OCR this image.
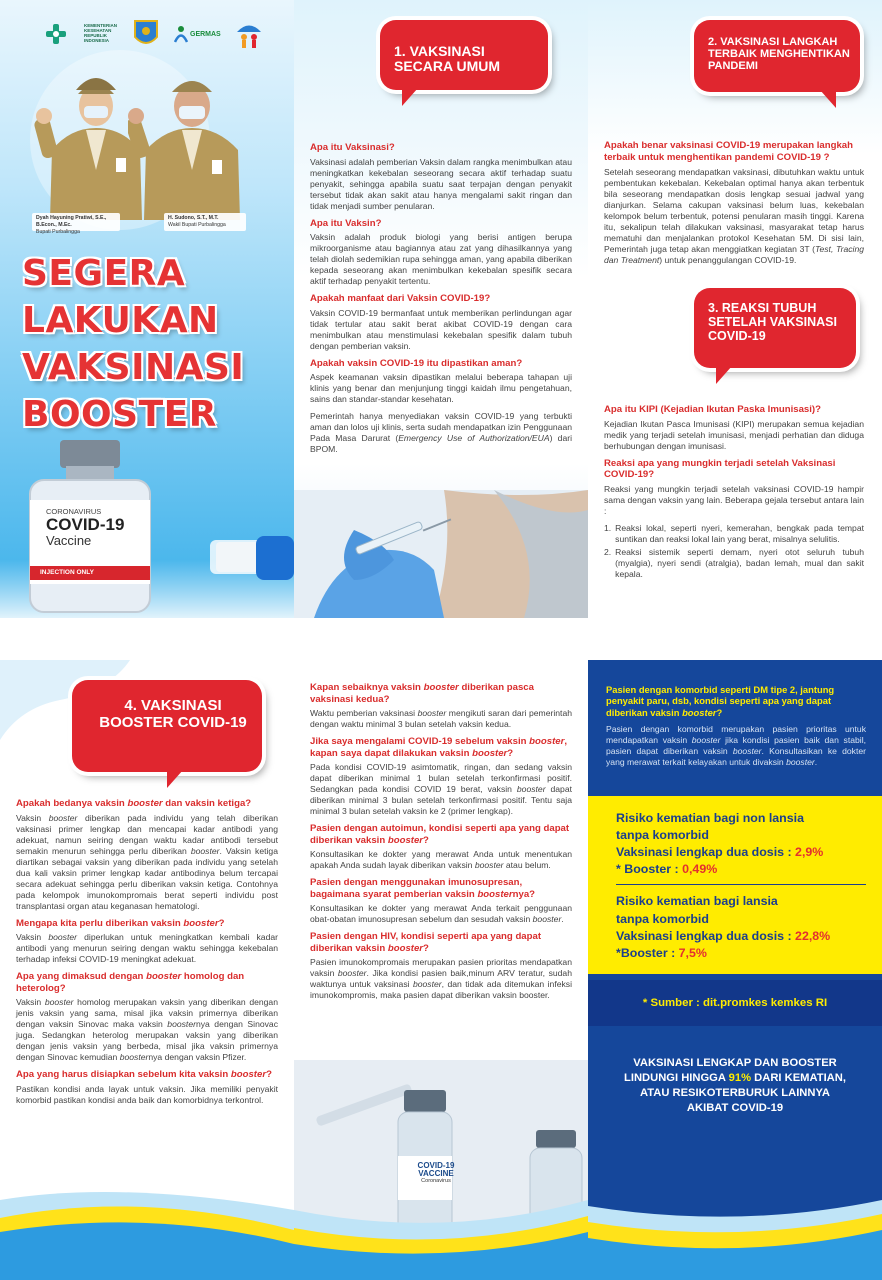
KEMENTERIAN KESEHATAN REPUBLIK INDONESIA
GERMAS
Dyah Hayuning Pratiwi, S.E., B.Econ., M.Ec.
Bupati Purbalingga
H. Sudono, S.T., M.T.
Wakil Bupati Purbalingga
SEGERA
LAKUKAN
VAKSINASI
BOOSTER
CORONAVIRUS
COVID-19
Vaccine
INJECTION ONLY
1. VAKSINASI SECARA UMUM
Apa itu Vaksinasi?
Vaksinasi adalah pemberian Vaksin dalam rangka menimbulkan atau meningkatkan kekebalan seseorang secara aktif terhadap suatu penyakit, sehingga apabila suatu saat terpajan dengan penyakit tersebut tidak akan sakit atau hanya mengalami sakit ringan dan tidak menjadi sumber penularan.
Apa itu Vaksin?
Vaksin adalah produk biologi yang berisi antigen berupa mikroorganisme atau bagiannya atau zat yang dihasilkannya yang telah diolah sedemikian rupa sehingga aman, yang apabila diberikan kepada seseorang akan menimbulkan kekebalan spesifik secara aktif terhadap penyakit tertentu.
Apakah manfaat dari Vaksin COVID-19?
Vaksin COVID-19 bermanfaat untuk memberikan perlindungan agar tidak tertular atau sakit berat akibat COVID-19 dengan cara menimbulkan atau menstimulasi kekebalan spesifik dalam tubuh dengan pemberian vaksin.
Apakah vaksin COVID-19 itu dipastikan aman?
Aspek keamanan vaksin dipastikan melalui beberapa tahapan uji klinis yang benar dan menjunjung tinggi kaidah ilmu pengetahuan, sains dan standar-standar kesehatan.
Pemerintah hanya menyediakan vaksin COVID-19 yang terbukti aman dan lolos uji klinis, serta sudah mendapatkan izin Penggunaan Pada Masa Darurat (Emergency Use of Authorization/EUA) dari BPOM.
2. VAKSINASI LANGKAH TERBAIK MENGHENTIKAN PANDEMI
Apakah benar vaksinasi COVID-19 merupakan langkah terbaik untuk menghentikan pandemi COVID-19 ?
Setelah seseorang mendapatkan vaksinasi, dibutuhkan waktu untuk pembentukan kekebalan. Kekebalan optimal hanya akan terbentuk bila seseorang mendapatkan dosis lengkap sesuai jadwal yang dianjurkan. Selama cakupan vaksinasi belum luas, kekebalan kelompok belum terbentuk, potensi penularan masih tinggi. Karena itu, sekalipun telah dilakukan vaksinasi, masyarakat tetap harus mematuhi dan menjalankan protokol Kesehatan 5M. Di sisi lain, Pemerintah juga tetap akan menggiatkan kegiatan 3T (Test, Tracing dan Treatment) untuk penanggulangan COVID-19.
3. REAKSI TUBUH SETELAH VAKSINASI COVID-19
Apa itu KIPI (Kejadian Ikutan Paska Imunisasi)?
Kejadian Ikutan Pasca Imunisasi (KIPI) merupakan semua kejadian medik yang terjadi setelah imunisasi, menjadi perhatian dan diduga berhubungan dengan imunisasi.
Reaksi apa yang mungkin terjadi setelah Vaksinasi COVID-19?
Reaksi yang mungkin terjadi setelah vaksinasi COVID-19 hampir sama dengan vaksin yang lain. Beberapa gejala tersebut antara lain :
1. Reaksi lokal, seperti nyeri, kemerahan, bengkak pada tempat suntikan dan reaksi lokal lain yang berat, misalnya selulitis.
2. Reaksi sistemik seperti demam, nyeri otot seluruh tubuh (myalgia), nyeri sendi (atralgia), badan lemah, mual dan sakit kepala.
4. VAKSINASI BOOSTER COVID-19
Apakah bedanya vaksin booster dan vaksin ketiga?
Vaksin booster diberikan pada individu yang telah diberikan vaksinasi primer lengkap dan mencapai kadar antibodi yang adekuat, namun seiring dengan waktu kadar antibodi tersebut semakin menurun sehingga perlu diberikan booster. Vaksin ketiga diartikan sebagai vaksin yang diberikan pada individu yang setelah dua kali vaksin primer lengkap kadar antibodinya belum tercapai secara adekuat sehingga perlu diberikan vaksin ketiga. Contohnya pada kelompok imunokompromais berat seperti individu post transplantasi organ atau keganasan hematologi.
Mengapa kita perlu diberikan vaksin booster?
Vaksin booster diperlukan untuk meningkatkan kembali kadar antibodi yang menurun seiring dengan waktu sehingga kekebalan terhadap infeksi COVID-19 meningkat adekuat.
Apa yang dimaksud dengan booster homolog dan heterolog?
Vaksin booster homolog merupakan vaksin yang diberikan dengan jenis vaksin yang sama, misal jika vaksin primernya diberikan dengan vaksin Sinovac maka vaksin boosternya dengan Sinovac juga. Sedangkan heterolog merupakan vaksin yang diberikan dengan jenis vaksin yang berbeda, misal jika vaksin primernya dengan Sinovac kemudian boosternya dengan vaksin Pfizer.
Apa yang harus disiapkan sebelum kita vaksin booster?
Pastikan kondisi anda layak untuk vaksin. Jika memiliki penyakit komorbid pastikan kondisi anda baik dan komorbidnya terkontrol.
Kapan sebaiknya vaksin booster diberikan pasca vaksinasi kedua?
Waktu pemberian vaksinasi booster mengikuti saran dari pemerintah dengan waktu minimal 3 bulan setelah vaksin kedua.
Jika saya mengalami COVID-19 sebelum vaksin booster, kapan saya dapat dilakukan vaksin booster?
Pada kondisi COVID-19 asimtomatik, ringan, dan sedang vaksin dapat diberikan minimal 1 bulan setelah terkonfirmasi positif. Sedangkan pada kondisi COVID 19 berat, vaksin booster dapat diberikan minimal 3 bulan setelah terkonfirmasi positif. Tentu saja minimal 3 bulan setelah vaksin ke 2 (primer lengkap).
Pasien dengan autoimun, kondisi seperti apa yang dapat diberikan vaksin booster?
Konsultasikan ke dokter yang merawat Anda untuk menentukan apakah Anda sudah layak diberikan vaksin booster atau belum.
Pasien dengan menggunakan imunosupresan, bagaimana syarat pemberian vaksin boosternya?
Konsultasikan ke dokter yang merawat Anda terkait penggunaan obat-obatan imunosupresan sebelum dan sesudah vaksin booster.
Pasien dengan HIV, kondisi seperti apa yang dapat diberikan vaksin booster?
Pasien imunokompromais merupakan pasien prioritas mendapatkan vaksin booster. Jika kondisi pasien baik,minum ARV teratur, sudah waktunya untuk vaksinasi booster, dan tidak ada ditemukan infeksi imunokompromis, maka pasien dapat diberikan vaksin booster.
COVID-19
VACCINE
Coronavirus
Pasien dengan komorbid seperti DM tipe 2, jantung penyakit paru, dsb, kondisi seperti apa yang dapat diberikan vaksin booster?
Pasien dengan komorbid merupakan pasien prioritas untuk mendapatkan vaksin booster jika kondisi pasien baik dan stabil, pasien dapat diberikan vaksin booster. Konsultasikan ke dokter yang merawat terkait kelayakan untuk divaksin booster.
Risiko kematian bagi non lansia
tanpa komorbid
Vaksinasi lengkap dua dosis : 2,9%
* Booster : 0,49%
Risiko kematian bagi lansia
tanpa komorbid
Vaksinasi lengkap dua dosis : 22,8%
*Booster : 7,5%
* Sumber : dit.promkes kemkes RI
VAKSINASI LENGKAP DAN BOOSTER
LINDUNGI HINGGA 91% DARI KEMATIAN,
ATAU RESIKOTERBURUK LAINNYA
AKIBAT COVID-19
